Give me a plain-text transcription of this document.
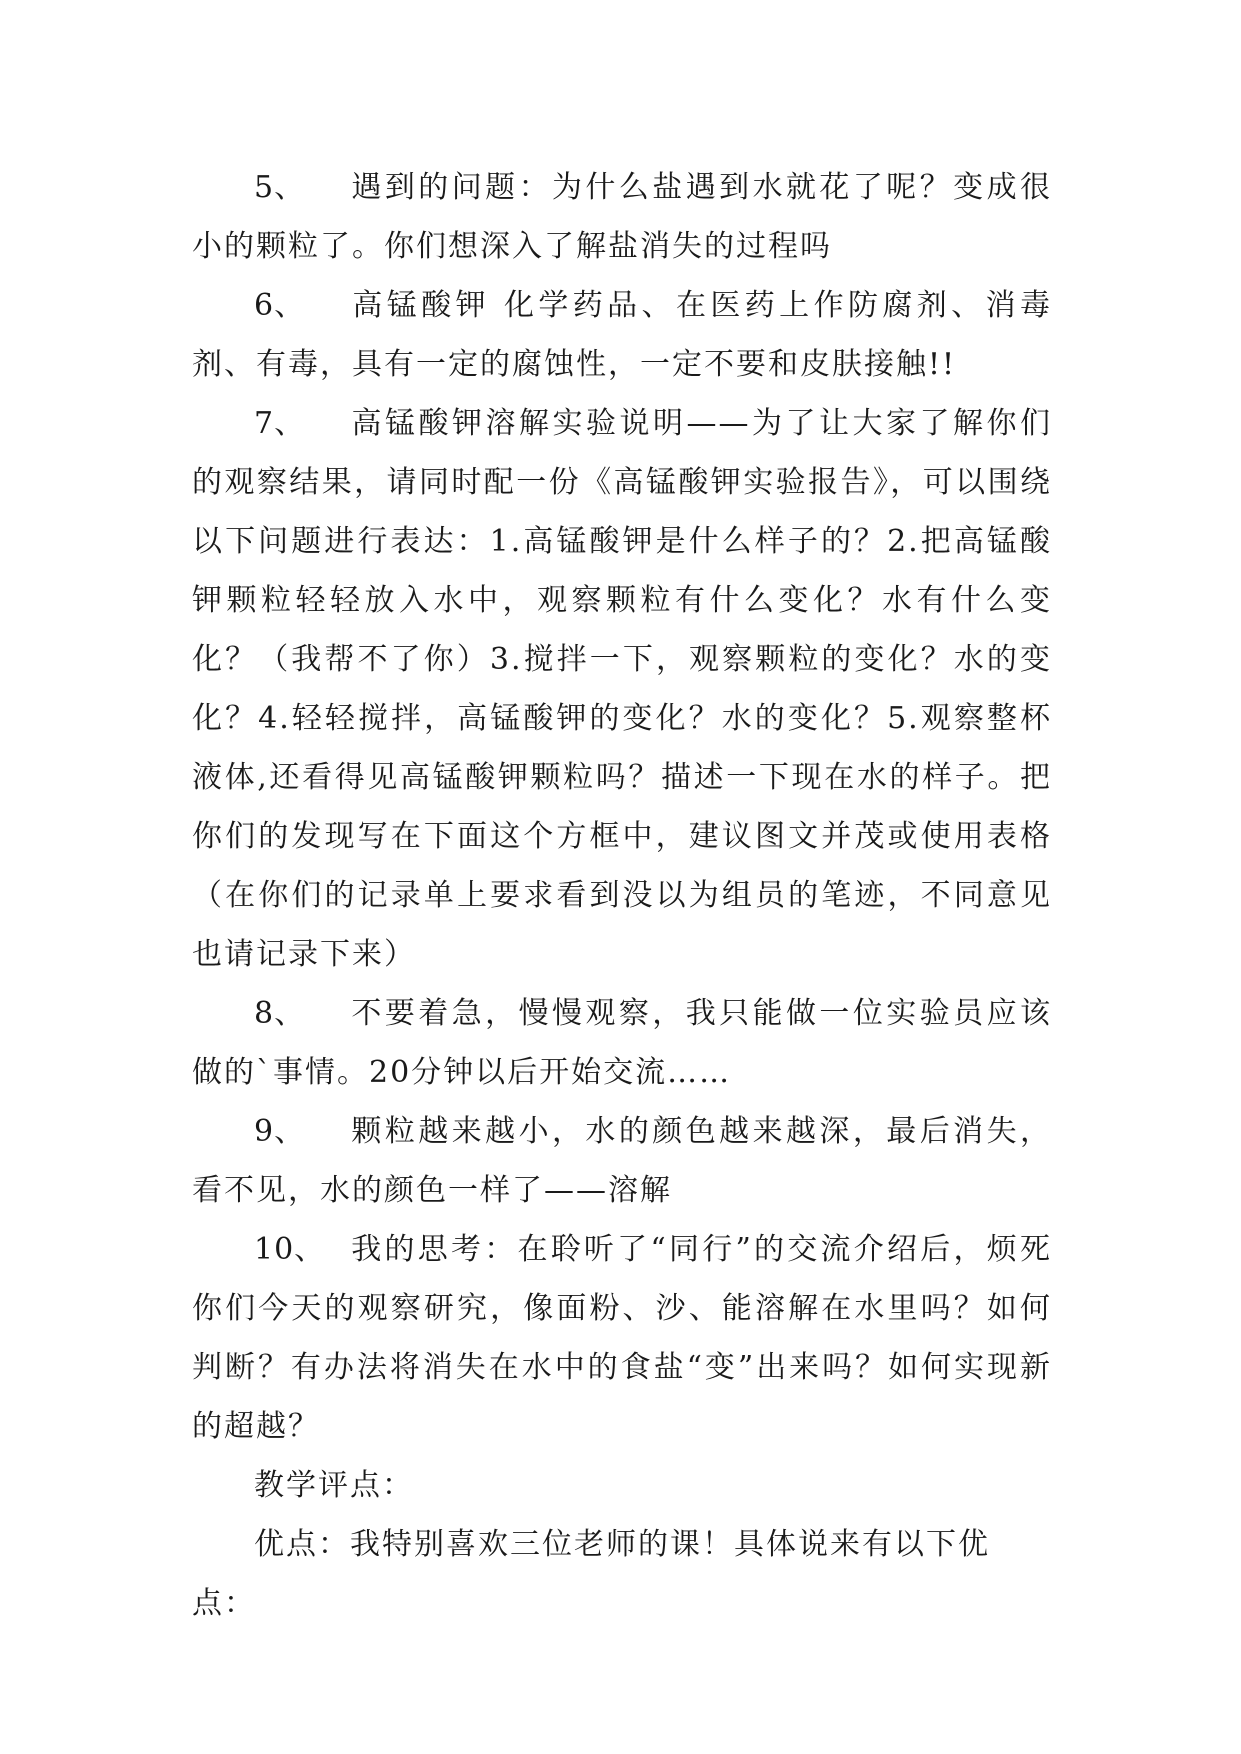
5、 遇到的问题：为什么盐遇到水就花了呢？变成很小的颗粒了。你们想深入了解盐消失的过程吗

6、 高锰酸钾 化学药品、在医药上作防腐剂、消毒剂、有毒，具有一定的腐蚀性，一定不要和皮肤接触!!

7、 高锰酸钾溶解实验说明——为了让大家了解你们的观察结果，请同时配一份《高锰酸钾实验报告》，可以围绕以下问题进行表达：1.高锰酸钾是什么样子的？2.把高锰酸钾颗粒轻轻放入水中，观察颗粒有什么变化？水有什么变化？（我帮不了你）3.搅拌一下，观察颗粒的变化？水的变化？4.轻轻搅拌，高锰酸钾的变化？水的变化？5.观察整杯液体,还看得见高锰酸钾颗粒吗？描述一下现在水的样子。把你们的发现写在下面这个方框中，建议图文并茂或使用表格（在你们的记录单上要求看到没以为组员的笔迹，不同意见也请记录下来）

8、 不要着急，慢慢观察，我只能做一位实验员应该做的`事情。20分钟以后开始交流……

9、 颗粒越来越小，水的颜色越来越深，最后消失，看不见，水的颜色一样了——溶解

10、 我的思考：在聆听了“同行”的交流介绍后，烦死你们今天的观察研究，像面粉、沙、能溶解在水里吗？如何判断？有办法将消失在水中的食盐“变”出来吗？如何实现新的超越？

教学评点：

优点：我特别喜欢三位老师的课！具体说来有以下优点：
